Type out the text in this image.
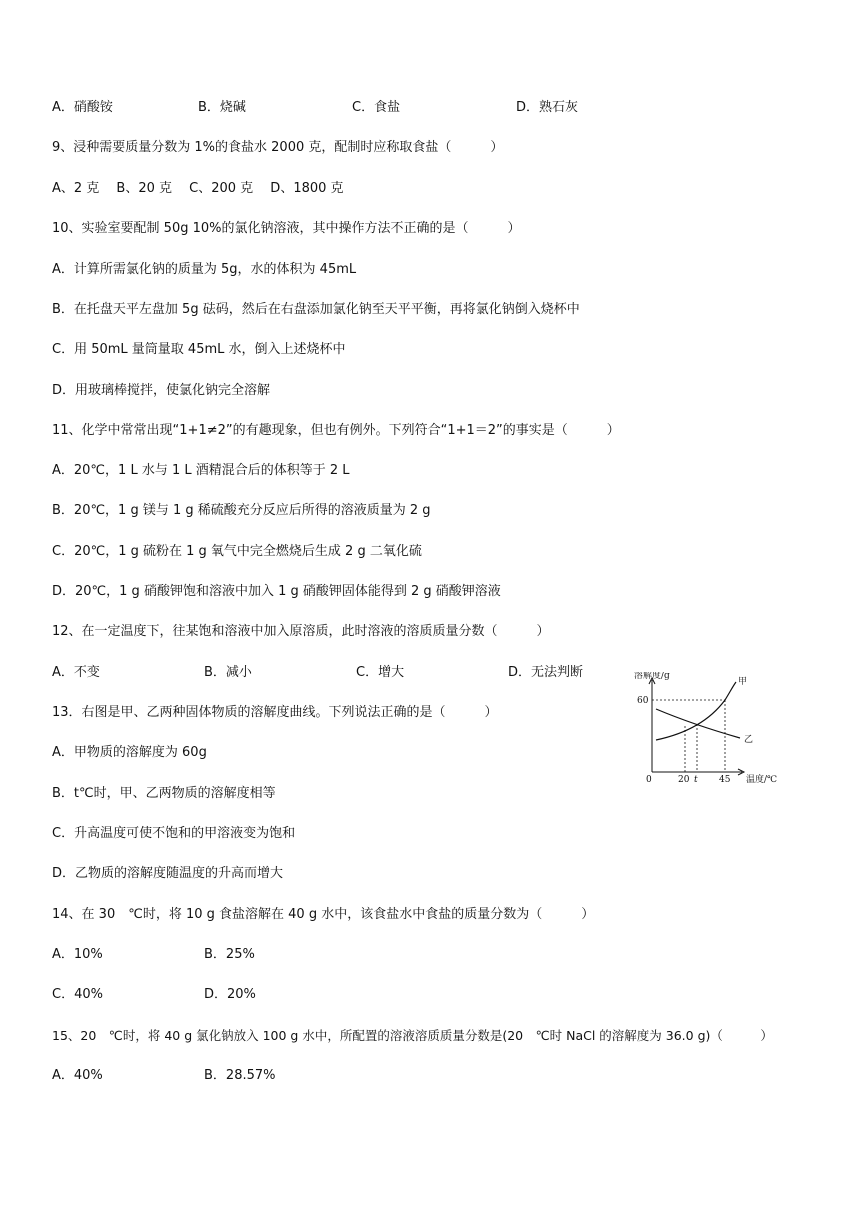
A．硝酸铵	B．烧碱	C．食盐	D．熟石灰
9、浸种需要质量分数为 1%的食盐水 2000 克，配制时应称取食盐（　　　）
A、2 克　 B、20 克　 C、200 克　 D、1800 克
10、实验室要配制 50g 10%的氯化钠溶液，其中操作方法不正确的是（　　　）
A．计算所需氯化钠的质量为 5g，水的体积为 45mL
B．在托盘天平左盘加 5g 砝码，然后在右盘添加氯化钠至天平平衡，再将氯化钠倒入烧杯中
C．用 50mL 量筒量取 45mL 水，倒入上述烧杯中
D．用玻璃棒搅拌，使氯化钠完全溶解
11、化学中常常出现“1+1≠2”的有趣现象，但也有例外。下列符合“1+1＝2”的事实是（　　　）
A．20℃，1 L 水与 1 L 酒精混合后的体积等于 2 L
B．20℃，1 g 镁与 1 g 稀硫酸充分反应后所得的溶液质量为 2 g
C．20℃，1 g 硫粉在 1 g 氧气中完全燃烧后生成 2 g 二氧化硫
D．20℃，1 g 硝酸钾饱和溶液中加入 1 g 硝酸钾固体能得到 2 g 硝酸钾溶液
12、在一定温度下，往某饱和溶液中加入原溶质，此时溶液的溶质质量分数（　　　）
A．不变	B．减小	C．增大	D．无法判断	溶解度/g
60
0	20 t 45 温度/℃
甲
乙
13．右图是甲、乙两种固体物质的溶解度曲线。下列说法正确的是（　　　）
A．甲物质的溶解度为 60g
B．t℃时，甲、乙两物质的溶解度相等
C．升高温度可使不饱和的甲溶液变为饱和
D．乙物质的溶解度随温度的升高而增大
14、在 30　℃时，将 10 g 食盐溶解在 40 g 水中，该食盐水中食盐的质量分数为（　　　）
A．10%	B．25%
C．40%	D．20%
15、20　℃时，将 40 g 氯化钠放入 100 g 水中，所配置的溶液溶质质量分数是(20　℃时 NaCl 的溶解度为 36.0 g)（　　　）
A．40%	B．28.57%
